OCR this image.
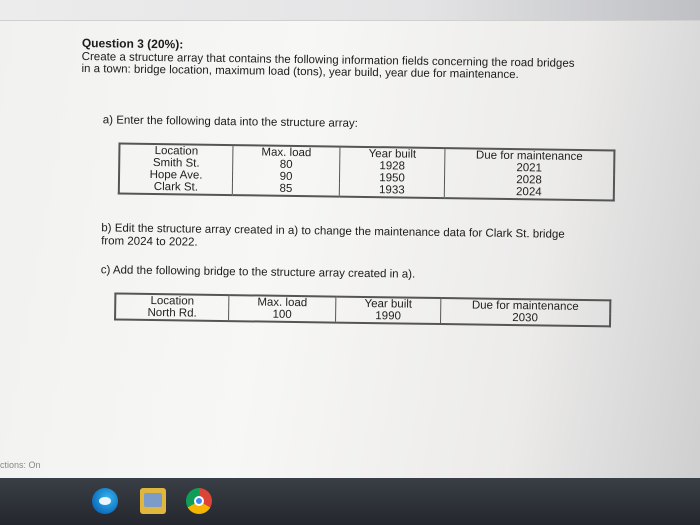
Question 3 (20%):

Create a structure array that contains the following information fields concerning the road bridges in a town: bridge location, maximum load (tons), year build, year due for maintenance.

a) Enter the following data into the structure array:

Location	Max. load	Year built	Due for maintenance
Smith St.	80	1928	2021
Hope Ave.	90	1950	2028
Clark St.	85	1933	2024

b) Edit the structure array created in a) to change the maintenance data for Clark St. bridge from 2024 to 2022.

c) Add the following bridge to the structure array created in a).

Location	Max. load	Year built	Due for maintenance
North Rd.	100	1990	2030
ctions: On
